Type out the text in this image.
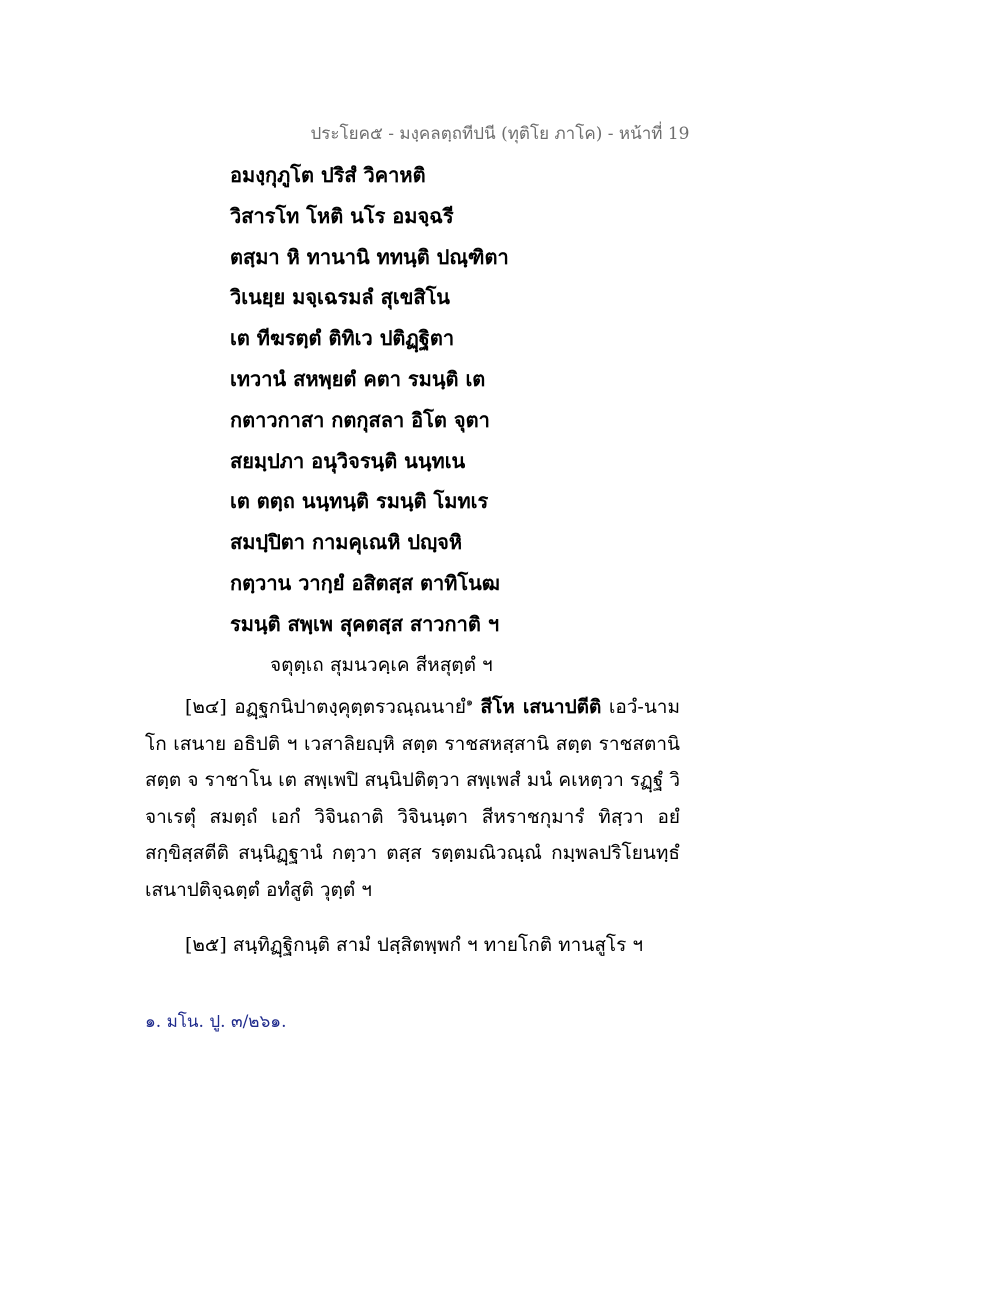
ประโยค๕ - มงฺคลตฺถทีปนี (ทุติโย ภาโค) - หน้าที่ 19
อมงฺกุภูโต ปริสํ วิคาหติ
วิสารโท โหติ นโร อมจฺฉรี
ตสฺมา หิ ทานานิ ททนฺติ ปณฺฑิตา
วิเนยฺย มจฺเฉรมลํ สุเขสิโน
เต ทีฆรตฺตํ ติทิเว ปติฏฺฐิตา
เทวานํ สหพฺยตํ คตา รมนฺติ เต
กตาวกาสา กตกุสลา อิโต จุตา
สยมฺปภา อนุวิจรนฺติ นนฺทเน
เต ตตฺถ นนฺทนฺติ รมนฺติ โมทเร
สมปฺปิตา กามคุเณหิ ปญฺจหิ
กตฺวาน วากฺยํ อสิตสฺส ตาทิโนฒ
รมนฺติ สพฺเพ สุคตสฺส สาวกาติ ฯ
จตุตฺเถ สุมนวคฺเค สีหสุตฺตํ ฯ
[๒๔] อฏฺฐกนิปาตงฺคุตฺตรวณฺณนายํ$^๑$ สีโห เสนาปตีติ เอวํ-นามโก เสนาย อธิปติ ฯ เวสาลิยญฺหิ สตฺต ราชสหสฺสานิ สตฺต ราชสตานิ สตฺต จ ราชาโน เต สพฺเพปิ สนฺนิปติตฺวา สพฺเพสํ มนํ คเหตฺวา รฏฺฐํ วิจาเรตุํ สมตฺถํ เอกํ วิจินถาติ วิจินนฺตา สีหราชกุมารํ ทิสฺวา อยํ สกฺขิสฺสตีติ สนฺนิฏฺฐานํ กตฺวา ตสฺส รตฺตมณิวณฺณํ กมฺพลปริโยนทฺธํ เสนาปติจฺฉตฺตํ อทํสูติ วุตฺตํ ฯ
[๒๕] สนฺทิฏฺฐิกนฺติ สามํ ปสฺสิตพฺพกํ ฯ ทายโกติ ทานสูโร ฯ
๑. มโน. ปู. ๓/๒๖๑.
